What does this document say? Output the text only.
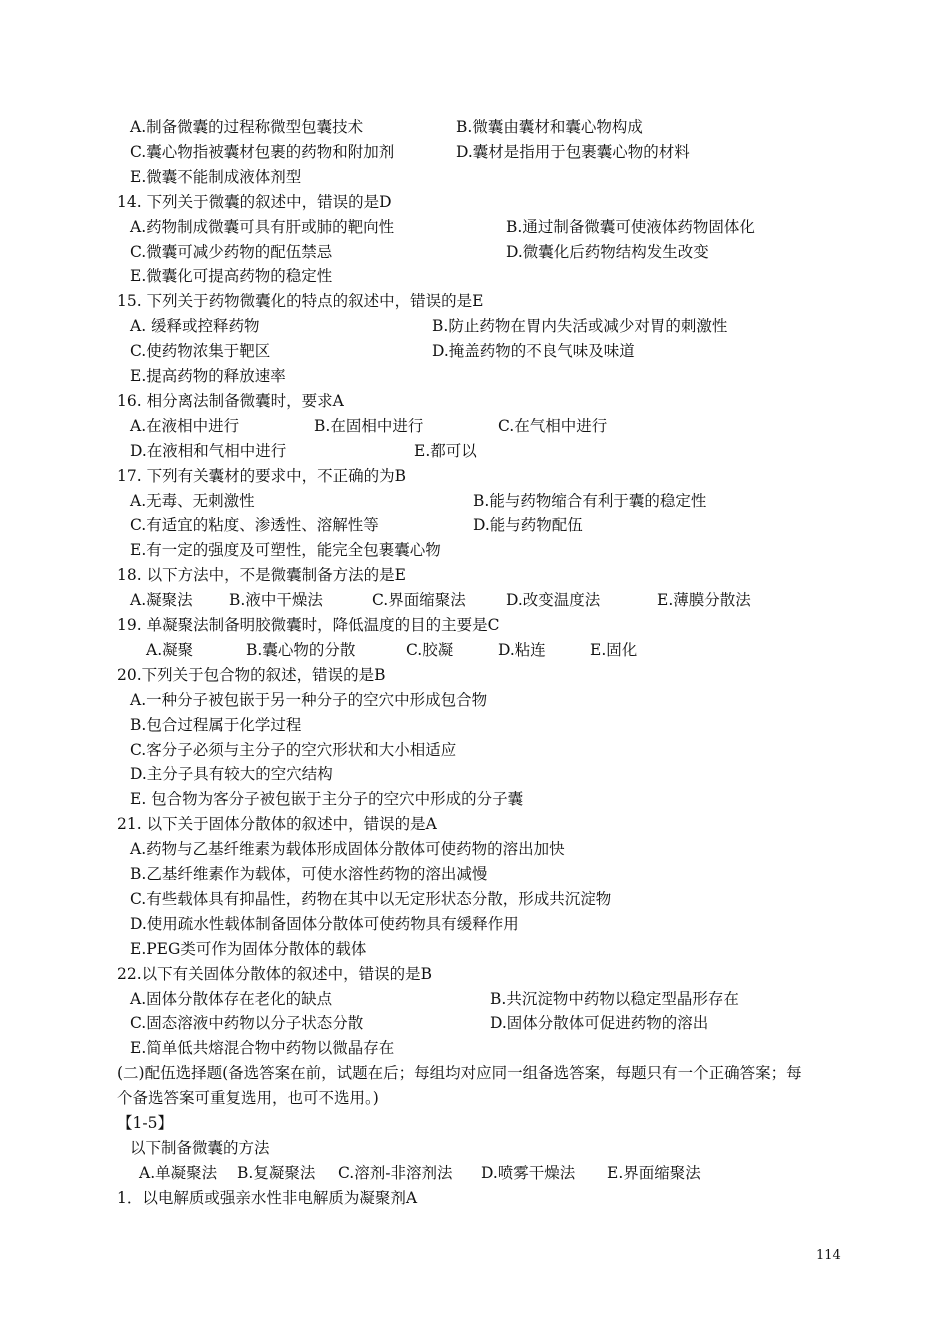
A.制备微囊的过程称微型包囊技术	B.微囊由囊材和囊心物构成
C.囊心物指被囊材包裹的药物和附加剂	D.囊材是指用于包裹囊心物的材料
E.微囊不能制成液体剂型
14. 下列关于微囊的叙述中，错误的是D
A.药物制成微囊可具有肝或肺的靶向性	B.通过制备微囊可使液体药物固体化
C.微囊可减少药物的配伍禁忌	D.微囊化后药物结构发生改变
E.微囊化可提高药物的稳定性
15. 下列关于药物微囊化的特点的叙述中，错误的是E
A. 缓释或控释药物	B.防止药物在胃内失活或减少对胃的刺激性
C.使药物浓集于靶区	D.掩盖药物的不良气味及味道
E.提高药物的释放速率
16. 相分离法制备微囊时，要求A
A.在液相中进行	B.在固相中进行	C.在气相中进行
D.在液相和气相中进行	E.都可以
17. 下列有关囊材的要求中，不正确的为B
A.无毒、无刺激性	B.能与药物缩合有利于囊的稳定性
C.有适宜的粘度、渗透性、溶解性等	D.能与药物配伍
E.有一定的强度及可塑性，能完全包裹囊心物
18. 以下方法中，不是微囊制备方法的是E
A.凝聚法 B.液中干燥法	C.界面缩聚法	D.改变温度法	E.薄膜分散法
19. 单凝聚法制备明胶微囊时，降低温度的目的主要是C
A.凝聚	B.囊心物的分散	C.胶凝	D.粘连	E.固化
20.下列关于包合物的叙述，错误的是B
A.一种分子被包嵌于另一种分子的空穴中形成包合物
B.包合过程属于化学过程
C.客分子必须与主分子的空穴形状和大小相适应
D.主分子具有较大的空穴结构
E. 包合物为客分子被包嵌于主分子的空穴中形成的分子囊
21. 以下关于固体分散体的叙述中，错误的是A
A.药物与乙基纤维素为载体形成固体分散体可使药物的溶出加快
B.乙基纤维素作为载体，可使水溶性药物的溶出减慢
C.有些载体具有抑晶性，药物在其中以无定形状态分散，形成共沉淀物
D.使用疏水性载体制备固体分散体可使药物具有缓释作用
E.PEG类可作为固体分散体的载体
22.以下有关固体分散体的叙述中，错误的是B
A.固体分散体存在老化的缺点	B.共沉淀物中药物以稳定型晶形存在
C.固态溶液中药物以分子状态分散	D.固体分散体可促进药物的溶出
E.简单低共熔混合物中药物以微晶存在
(二)配伍选择题(备选答案在前，试题在后；每组均对应同一组备选答案，每题只有一个正确答案；每
个备选答案可重复选用，也可不选用。)
【1-5】
以下制备微囊的方法
A.单凝聚法 B.复凝聚法 C.溶剂-非溶剂法 D.喷雾干燥法 E.界面缩聚法
1．以电解质或强亲水性非电解质为凝聚剂A
114
